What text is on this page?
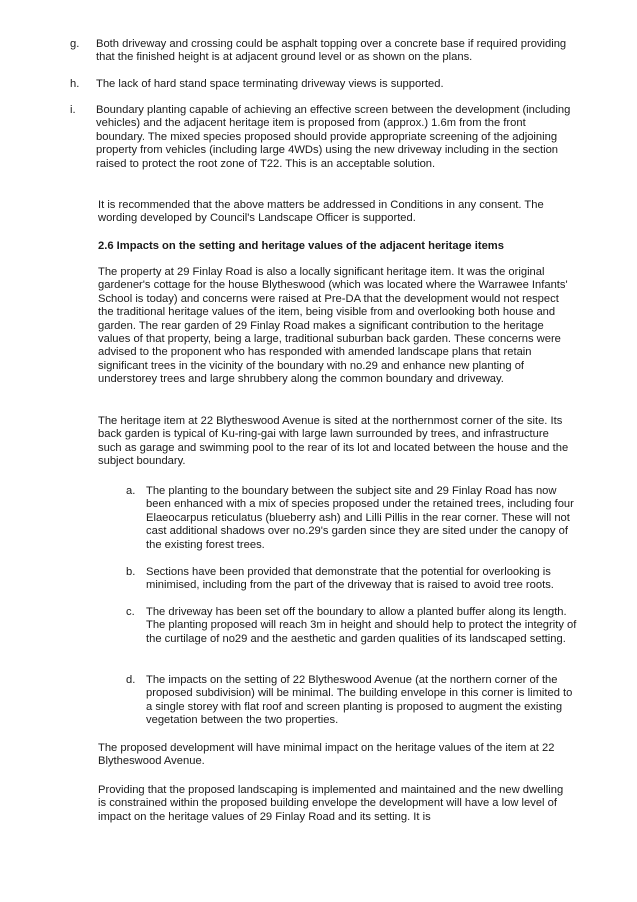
g. Both driveway and crossing could be asphalt topping over a concrete base if required providing that the finished height is at adjacent ground level or as shown on the plans.
h. The lack of hard stand space terminating driveway views is supported.
i. Boundary planting capable of achieving an effective screen between the development (including vehicles) and the adjacent heritage item is proposed from (approx.) 1.6m from the front boundary. The mixed species proposed should provide appropriate screening of the adjoining property from vehicles (including large 4WDs) using the new driveway including in the section raised to protect the root zone of T22. This is an acceptable solution.
It is recommended that the above matters be addressed in Conditions in any consent. The wording developed by Council's Landscape Officer is supported.
2.6 Impacts on the setting and heritage values of the adjacent heritage items
The property at 29 Finlay Road is also a locally significant heritage item. It was the original gardener's cottage for the house Blytheswood (which was located where the Warrawee Infants' School is today) and concerns were raised at Pre-DA that the development would not respect the traditional heritage values of the item, being visible from and overlooking both house and garden. The rear garden of 29 Finlay Road makes a significant contribution to the heritage values of that property, being a large, traditional suburban back garden. These concerns were advised to the proponent who has responded with amended landscape plans that retain significant trees in the vicinity of the boundary with no.29 and enhance new planting of understorey trees and large shrubbery along the common boundary and driveway.
The heritage item at 22 Blytheswood Avenue is sited at the northernmost corner of the site. Its back garden is typical of Ku-ring-gai with large lawn surrounded by trees, and infrastructure such as garage and swimming pool to the rear of its lot and located between the house and the subject boundary.
a. The planting to the boundary between the subject site and 29 Finlay Road has now been enhanced with a mix of species proposed under the retained trees, including four Elaeocarpus reticulatus (blueberry ash) and Lilli Pillis in the rear corner. These will not cast additional shadows over no.29's garden since they are sited under the canopy of the existing forest trees.
b. Sections have been provided that demonstrate that the potential for overlooking is minimised, including from the part of the driveway that is raised to avoid tree roots.
c. The driveway has been set off the boundary to allow a planted buffer along its length. The planting proposed will reach 3m in height and should help to protect the integrity of the curtilage of no29 and the aesthetic and garden qualities of its landscaped setting.
d. The impacts on the setting of 22 Blytheswood Avenue (at the northern corner of the proposed subdivision) will be minimal. The building envelope in this corner is limited to a single storey with flat roof and screen planting is proposed to augment the existing vegetation between the two properties.
The proposed development will have minimal impact on the heritage values of the item at 22 Blytheswood Avenue.
Providing that the proposed landscaping is implemented and maintained and the new dwelling is constrained within the proposed building envelope the development will have a low level of impact on the heritage values of 29 Finlay Road and its setting. It is
